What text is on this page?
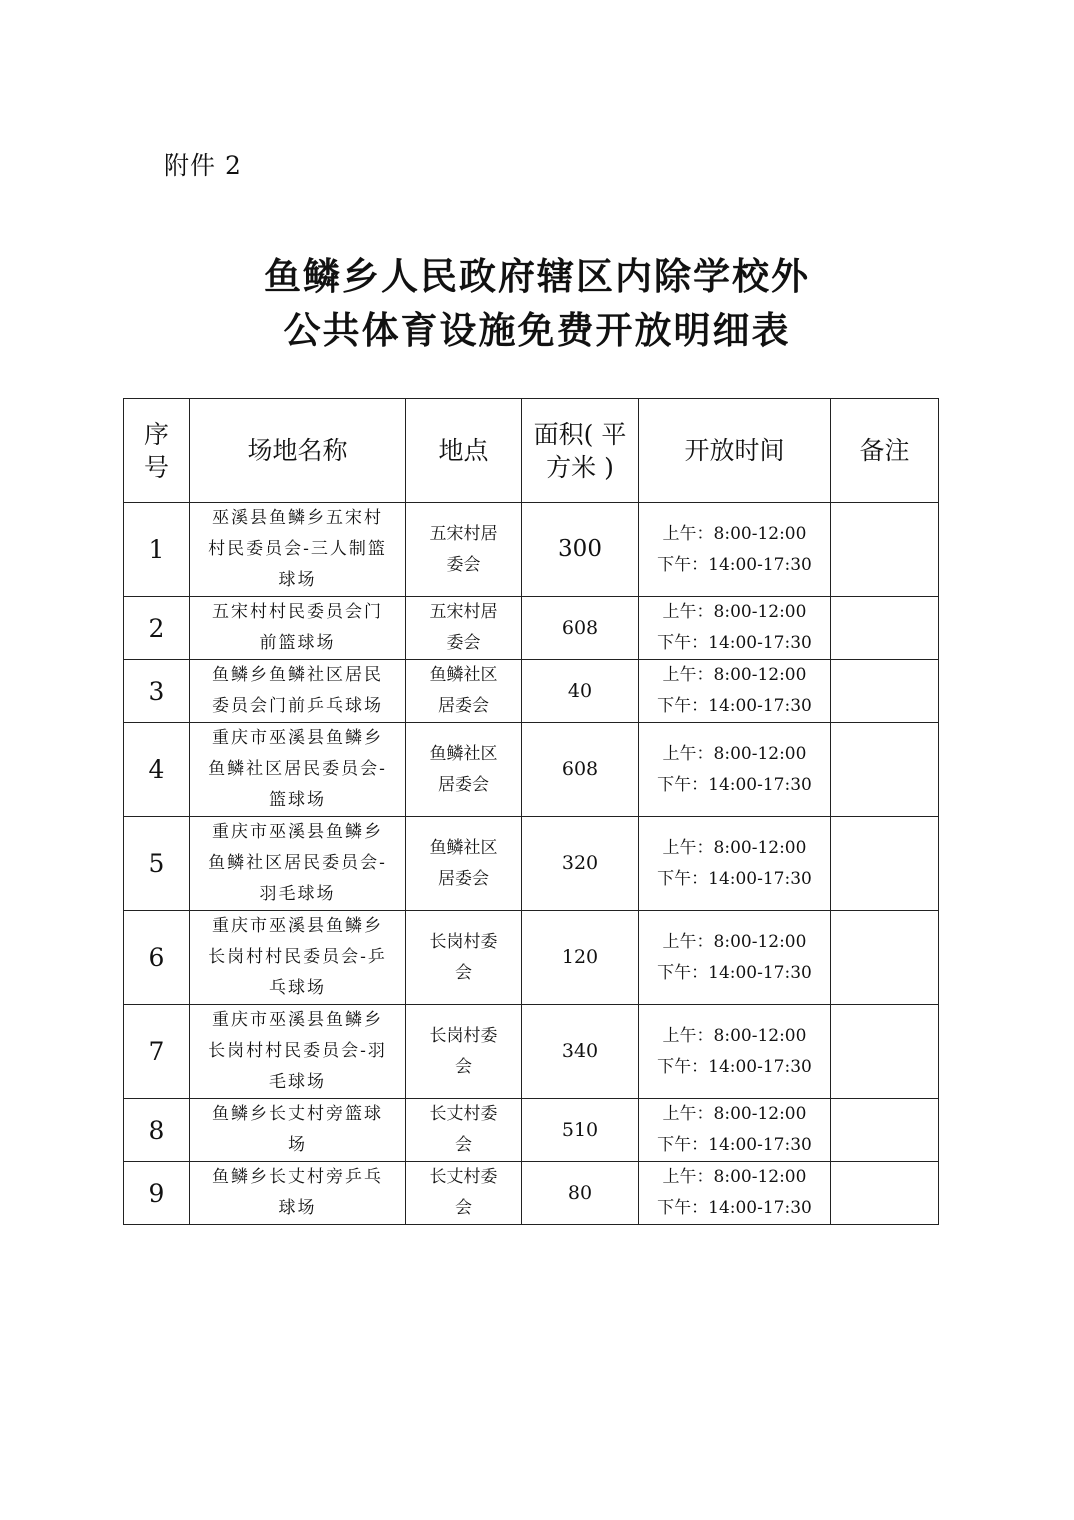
附件 2
鱼鳞乡人民政府辖区内除学校外
公共体育设施免费开放明细表
序
号	场地名称	地点	面积( 平
方米 )	开放时间	备注
1	巫溪县鱼鳞乡五宋村
村民委员会-三人制篮
球场	五宋村居
委会	300	上午：8:00-12:00
下午：14:00-17:30	

2	五宋村村民委员会门
前篮球场	五宋村居
委会	608	上午：8:00-12:00
下午：14:00-17:30	

3	鱼鳞乡鱼鳞社区居民
委员会门前乒乓球场	鱼鳞社区
居委会	40	上午：8:00-12:00
下午：14:00-17:30	

4	重庆市巫溪县鱼鳞乡
鱼鳞社区居民委员会-
篮球场	鱼鳞社区
居委会	608	上午：8:00-12:00
下午：14:00-17:30	

5	重庆市巫溪县鱼鳞乡
鱼鳞社区居民委员会-
羽毛球场	鱼鳞社区
居委会	320	上午：8:00-12:00
下午：14:00-17:30	

6	重庆市巫溪县鱼鳞乡
长岗村村民委员会-乒
乓球场	长岗村委
会	120	上午：8:00-12:00
下午：14:00-17:30	

7	重庆市巫溪县鱼鳞乡
长岗村村民委员会-羽
毛球场	长岗村委
会	340	上午：8:00-12:00
下午：14:00-17:30	

8	鱼鳞乡长丈村旁篮球
场	长丈村委
会	510	上午：8:00-12:00
下午：14:00-17:30	

9	鱼鳞乡长丈村旁乒乓
球场	长丈村委
会	80	上午：8:00-12:00
下午：14:00-17:30	
